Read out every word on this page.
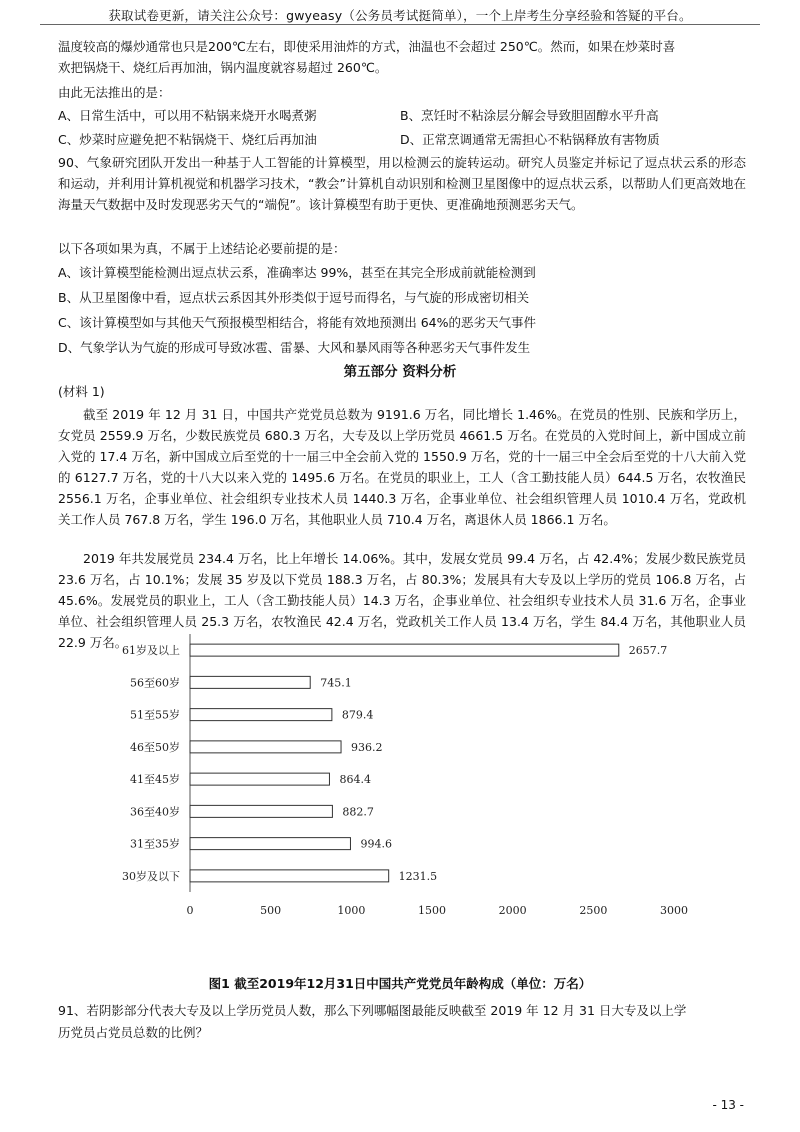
获取试卷更新，请关注公众号：gwyeasy（公务员考试挺简单），一个上岸考生分享经验和答疑的平台。
温度较高的爆炒通常也只是200℃左右，即使采用油炸的方式，油温也不会超过 250℃。然而，如果在炒菜时喜
欢把锅烧干、烧红后再加油，锅内温度就容易超过 260℃。
由此无法推出的是：
A、日常生活中，可以用不粘锅来烧开水喝煮粥	B、烹饪时不粘涂层分解会导致胆固醇水平升高
C、炒菜时应避免把不粘锅烧干、烧红后再加油	D、正常烹调通常无需担心不粘锅释放有害物质
90、气象研究团队开发出一种基于人工智能的计算模型，用以检测云的旋转运动。研究人员鉴定并标记了逗点状云系的形态和运动，并利用计算机视觉和机器学习技术，“教会”计算机自动识别和检测卫星图像中的逗点状云系，以帮助人们更高效地在海量天气数据中及时发现恶劣天气的“端倪”。该计算模型有助于更快、更准确地预测恶劣天气。
以下各项如果为真，不属于上述结论必要前提的是：
A、该计算模型能检测出逗点状云系，准确率达 99%，甚至在其完全形成前就能检测到
B、从卫星图像中看，逗点状云系因其外形类似于逗号而得名，与气旋的形成密切相关
C、该计算模型如与其他天气预报模型相结合，将能有效地预测出 64%的恶劣天气事件
D、气象学认为气旋的形成可导致冰雹、雷暴、大风和暴风雨等各种恶劣天气事件发生
第五部分 资料分析
(材料 1)
截至 2019 年 12 月 31 日，中国共产党党员总数为 9191.6 万名，同比增长 1.46%。在党员的性别、民族和学历上，女党员 2559.9 万名，少数民族党员 680.3 万名，大专及以上学历党员 4661.5 万名。在党员的入党时间上，新中国成立前入党的 17.4 万名，新中国成立后至党的十一届三中全会前入党的 1550.9 万名，党的十一届三中全会后至党的十八大前入党的 6127.7 万名，党的十八大以来入党的 1495.6 万名。在党员的职业上，工人（含工勤技能人员）644.5 万名，农牧渔民 2556.1 万名，企事业单位、社会组织专业技术人员 1440.3 万名，企事业单位、社会组织管理人员 1010.4 万名，党政机关工作人员 767.8 万名，学生 196.0 万名，其他职业人员 710.4 万名，离退休人员 1866.1 万名。
2019 年共发展党员 234.4 万名，比上年增长 14.06%。其中，发展女党员 99.4 万名，占 42.4%；发展少数民族党员 23.6 万名，占 10.1%；发展 35 岁及以下党员 188.3 万名，占 80.3%；发展具有大专及以上学历的党员 106.8 万名，占 45.6%。发展党员的职业上，工人（含工勤技能人员）14.3 万名，企事业单位、社会组织专业技术人员 31.6 万名，企事业单位、社会组织管理人员 25.3 万名，农牧渔民 42.4 万名，党政机关工作人员 13.4 万名，学生 84.4 万名，其他职业人员 22.9 万名。
61岁及以上	2657.7
56至60岁	745.1
51至55岁	879.4
46至50岁	936.2
41至45岁	864.4
36至40岁	882.7
31至35岁	994.6
30岁及以下	1231.5
0	500	1000	1500	2000	2500	3000
图1 截至2019年12月31日中国共产党党员年龄构成（单位：万名）
91、若阴影部分代表大专及以上学历党员人数，那么下列哪幅图最能反映截至 2019 年 12 月 31 日大专及以上学
历党员占党员总数的比例？
- 13 -
